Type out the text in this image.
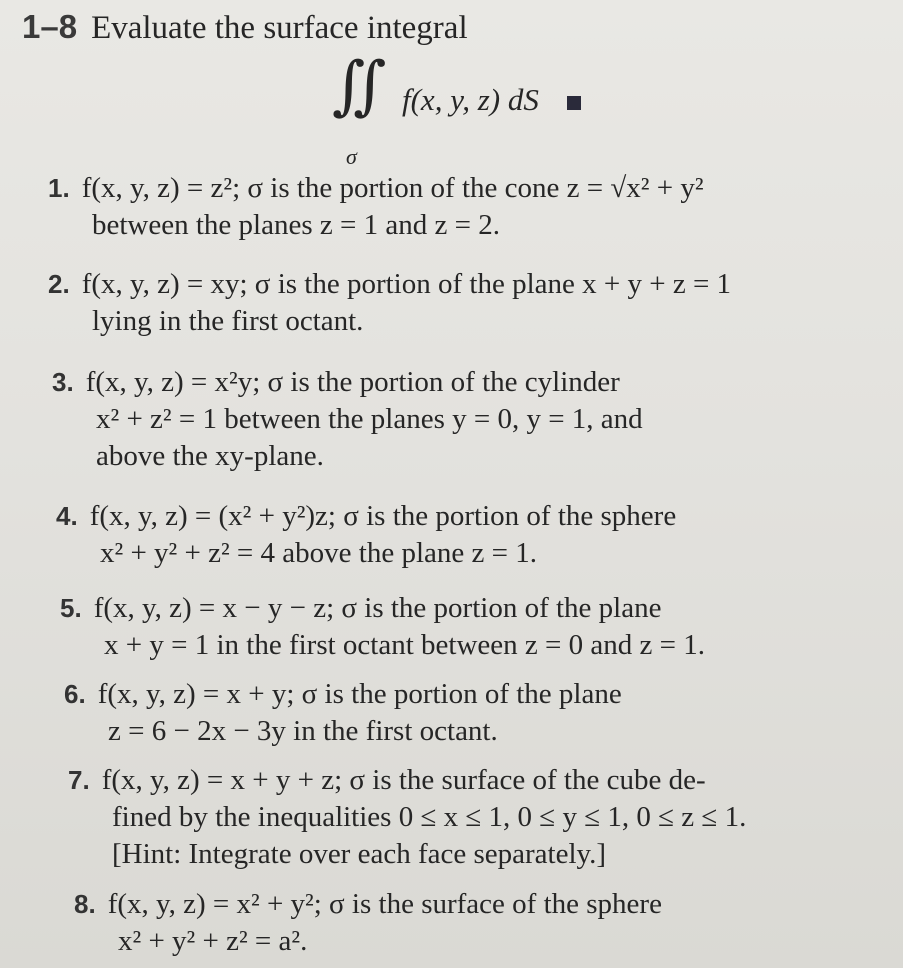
1–8 Evaluate the surface integral
∬ f(x, y, z) dS
σ
1. f(x, y, z) = z²; σ is the portion of the cone z = √x² + y²
between the planes z = 1 and z = 2.
2. f(x, y, z) = xy; σ is the portion of the plane x + y + z = 1
lying in the first octant.
3. f(x, y, z) = x²y; σ is the portion of the cylinder
x² + z² = 1 between the planes y = 0, y = 1, and
above the xy-plane.
4. f(x, y, z) = (x² + y²)z; σ is the portion of the sphere
x² + y² + z² = 4 above the plane z = 1.
5. f(x, y, z) = x − y − z; σ is the portion of the plane
x + y = 1 in the first octant between z = 0 and z = 1.
6. f(x, y, z) = x + y; σ is the portion of the plane
z = 6 − 2x − 3y in the first octant.
7. f(x, y, z) = x + y + z; σ is the surface of the cube de-
fined by the inequalities 0 ≤ x ≤ 1, 0 ≤ y ≤ 1, 0 ≤ z ≤ 1.
[Hint: Integrate over each face separately.]
8. f(x, y, z) = x² + y²; σ is the surface of the sphere
x² + y² + z² = a².
